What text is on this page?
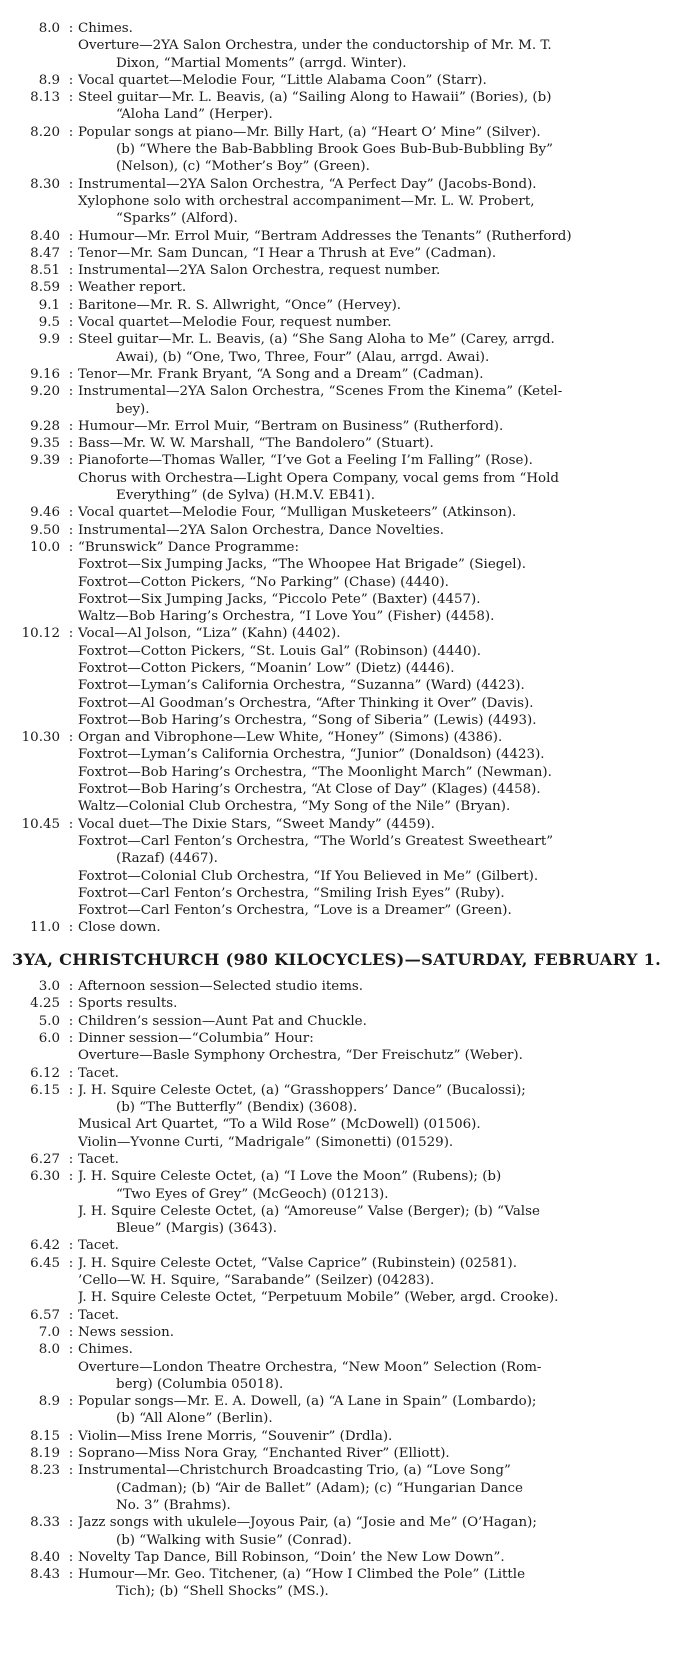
8.0 : Chimes.
Overture—2YA Salon Orchestra, under the conductorship of Mr. M. T.
Dixon, “Martial Moments” (arrgd. Winter).
8.9 : Vocal quartet—Melodie Four, “Little Alabama Coon” (Starr).
8.13 : Steel guitar—Mr. L. Beavis, (a) “Sailing Along to Hawaii” (Bories), (b)
“Aloha Land” (Herper).
8.20 : Popular songs at piano—Mr. Billy Hart, (a) “Heart O’ Mine” (Silver).
(b) “Where the Bab-Babbling Brook Goes Bub-Bub-Bubbling By”
(Nelson), (c) “Mother’s Boy” (Green).
8.30 : Instrumental—2YA Salon Orchestra, “A Perfect Day” (Jacobs-Bond).
Xylophone solo with orchestral accompaniment—Mr. L. W. Probert,
“Sparks” (Alford).
8.40 : Humour—Mr. Errol Muir, “Bertram Addresses the Tenants” (Rutherford)
8.47 : Tenor—Mr. Sam Duncan, “I Hear a Thrush at Eve” (Cadman).
8.51 : Instrumental—2YA Salon Orchestra, request number.
8.59 : Weather report.
9.1 : Baritone—Mr. R. S. Allwright, “Once” (Hervey).
9.5 : Vocal quartet—Melodie Four, request number.
9.9 : Steel guitar—Mr. L. Beavis, (a) “She Sang Aloha to Me” (Carey, arrgd.
Awai), (b) “One, Two, Three, Four” (Alau, arrgd. Awai).
9.16 : Tenor—Mr. Frank Bryant, “A Song and a Dream” (Cadman).
9.20 : Instrumental—2YA Salon Orchestra, “Scenes From the Kinema” (Ketel-
bey).
9.28 : Humour—Mr. Errol Muir, “Bertram on Business” (Rutherford).
9.35 : Bass—Mr. W. W. Marshall, “The Bandolero” (Stuart).
9.39 : Pianoforte—Thomas Waller, “I’ve Got a Feeling I’m Falling” (Rose).
Chorus with Orchestra—Light Opera Company, vocal gems from “Hold
Everything” (de Sylva) (H.M.V. EB41).
9.46 : Vocal quartet—Melodie Four, “Mulligan Musketeers” (Atkinson).
9.50 : Instrumental—2YA Salon Orchestra, Dance Novelties.
10.0 : “Brunswick” Dance Programme:
Foxtrot—Six Jumping Jacks, “The Whoopee Hat Brigade” (Siegel).
Foxtrot—Cotton Pickers, “No Parking” (Chase) (4440).
Foxtrot—Six Jumping Jacks, “Piccolo Pete” (Baxter) (4457).
Waltz—Bob Haring’s Orchestra, “I Love You” (Fisher) (4458).
10.12 : Vocal—Al Jolson, “Liza” (Kahn) (4402).
Foxtrot—Cotton Pickers, “St. Louis Gal” (Robinson) (4440).
Foxtrot—Cotton Pickers, “Moanin’ Low” (Dietz) (4446).
Foxtrot—Lyman’s California Orchestra, “Suzanna” (Ward) (4423).
Foxtrot—Al Goodman’s Orchestra, “After Thinking it Over” (Davis).
Foxtrot—Bob Haring’s Orchestra, “Song of Siberia” (Lewis) (4493).
10.30 : Organ and Vibrophone—Lew White, “Honey” (Simons) (4386).
Foxtrot—Lyman’s California Orchestra, “Junior” (Donaldson) (4423).
Foxtrot—Bob Haring’s Orchestra, “The Moonlight March” (Newman).
Foxtrot—Bob Haring’s Orchestra, “At Close of Day” (Klages) (4458).
Waltz—Colonial Club Orchestra, “My Song of the Nile” (Bryan).
10.45 : Vocal duet—The Dixie Stars, “Sweet Mandy” (4459).
Foxtrot—Carl Fenton’s Orchestra, “The World’s Greatest Sweetheart”
(Razaf) (4467).
Foxtrot—Colonial Club Orchestra, “If You Believed in Me” (Gilbert).
Foxtrot—Carl Fenton’s Orchestra, “Smiling Irish Eyes” (Ruby).
Foxtrot—Carl Fenton’s Orchestra, “Love is a Dreamer” (Green).
11.0 : Close down.
3YA, CHRISTCHURCH (980 KILOCYCLES)—SATURDAY, FEBRUARY 1.
3.0 : Afternoon session—Selected studio items.
4.25 : Sports results.
5.0 : Children’s session—Aunt Pat and Chuckle.
6.0 : Dinner session—“Columbia” Hour:
Overture—Basle Symphony Orchestra, “Der Freischutz” (Weber).
6.12 : Tacet.
6.15 : J. H. Squire Celeste Octet, (a) “Grasshoppers’ Dance” (Bucalossi);
(b) “The Butterfly” (Bendix) (3608).
Musical Art Quartet, “To a Wild Rose” (McDowell) (01506).
Violin—Yvonne Curti, “Madrigale” (Simonetti) (01529).
6.27 : Tacet.
6.30 : J. H. Squire Celeste Octet, (a) “I Love the Moon” (Rubens); (b)
“Two Eyes of Grey” (McGeoch) (01213).
J. H. Squire Celeste Octet, (a) “Amoreuse” Valse (Berger); (b) “Valse
Bleue” (Margis) (3643).
6.42 : Tacet.
6.45 : J. H. Squire Celeste Octet, “Valse Caprice” (Rubinstein) (02581).
’Cello—W. H. Squire, “Sarabande” (Seilzer) (04283).
J. H. Squire Celeste Octet, “Perpetuum Mobile” (Weber, argd. Crooke).
6.57 : Tacet.
7.0 : News session.
8.0 : Chimes.
Overture—London Theatre Orchestra, “New Moon” Selection (Rom-
berg) (Columbia 05018).
8.9 : Popular songs—Mr. E. A. Dowell, (a) “A Lane in Spain” (Lombardo);
(b) “All Alone” (Berlin).
8.15 : Violin—Miss Irene Morris, “Souvenir” (Drdla).
8.19 : Soprano—Miss Nora Gray, “Enchanted River” (Elliott).
8.23 : Instrumental—Christchurch Broadcasting Trio, (a) “Love Song”
(Cadman); (b) “Air de Ballet” (Adam); (c) “Hungarian Dance
No. 3” (Brahms).
8.33 : Jazz songs with ukulele—Joyous Pair, (a) “Josie and Me” (O’Hagan);
(b) “Walking with Susie” (Conrad).
8.40 : Novelty Tap Dance, Bill Robinson, “Doin’ the New Low Down”.
8.43 : Humour—Mr. Geo. Titchener, (a) “How I Climbed the Pole” (Little
Tich); (b) “Shell Shocks” (MS.).
